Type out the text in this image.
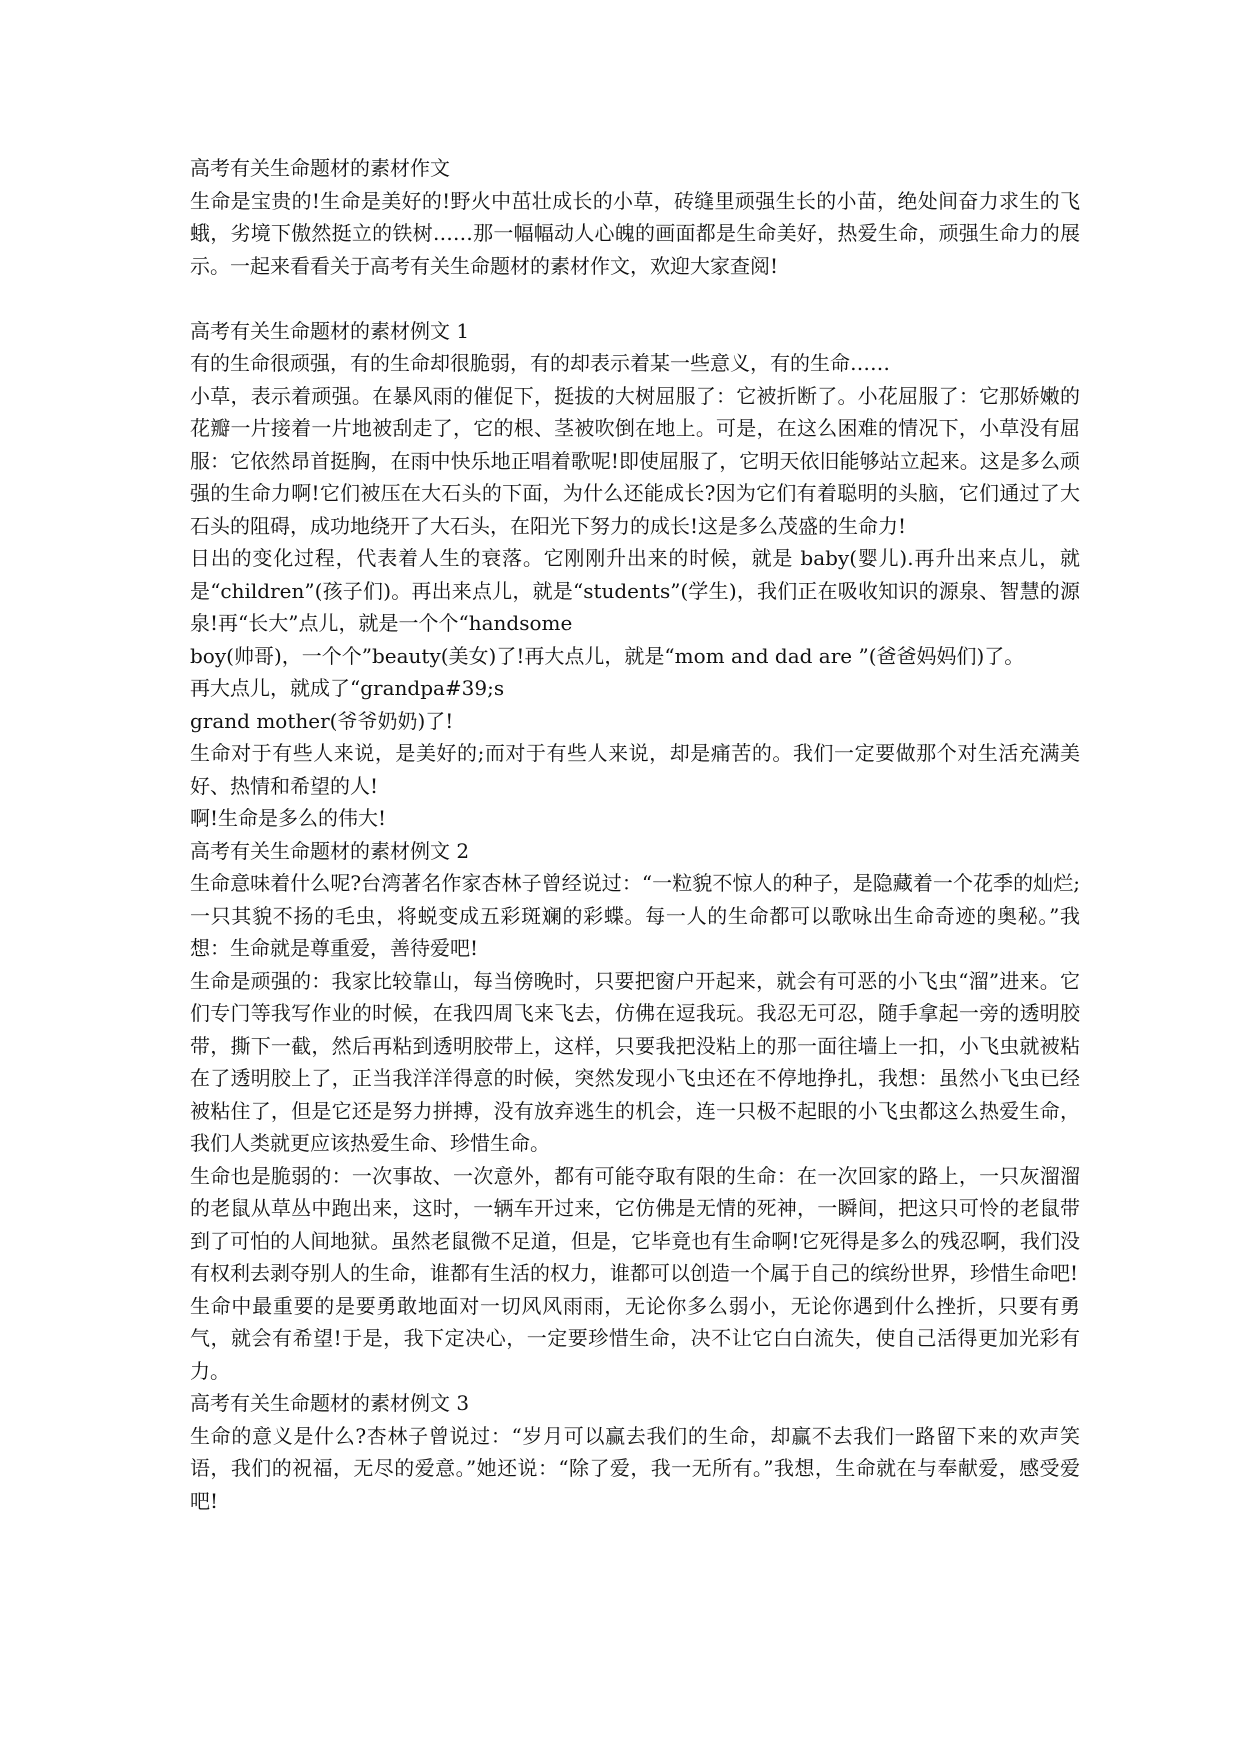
高考有关生命题材的素材作文

生命是宝贵的!生命是美好的!野火中茁壮成长的小草，砖缝里顽强生长的小苗，绝处间奋力求生的飞蛾，劣境下傲然挺立的铁树……那一幅幅动人心魄的画面都是生命美好，热爱生命，顽强生命力的展示。一起来看看关于高考有关生命题材的素材作文，欢迎大家查阅!

高考有关生命题材的素材例文 1

有的生命很顽强，有的生命却很脆弱，有的却表示着某一些意义，有的生命……

小草，表示着顽强。在暴风雨的催促下，挺拔的大树屈服了：它被折断了。小花屈服了：它那娇嫩的花瓣一片接着一片地被刮走了，它的根、茎被吹倒在地上。可是，在这么困难的情况下，小草没有屈服：它依然昂首挺胸，在雨中快乐地正唱着歌呢!即使屈服了，它明天依旧能够站立起来。这是多么顽强的生命力啊!它们被压在大石头的下面，为什么还能成长?因为它们有着聪明的头脑，它们通过了大石头的阻碍，成功地绕开了大石头，在阳光下努力的成长!这是多么茂盛的生命力!

日出的变化过程，代表着人生的衰落。它刚刚升出来的时候，就是 baby(婴儿).再升出来点儿，就是“children”(孩子们)。再出来点儿，就是“students”(学生)，我们正在吸收知识的源泉、智慧的源泉!再“长大”点儿，就是一个个“handsome

boy(帅哥)，一个个”beauty(美女)了!再大点儿，就是“mom and dad are ”(爸爸妈妈们)了。

再大点儿，就成了“grandpa#39;s

grand mother(爷爷奶奶)了!

生命对于有些人来说，是美好的;而对于有些人来说，却是痛苦的。我们一定要做那个对生活充满美好、热情和希望的人!

啊!生命是多么的伟大!

高考有关生命题材的素材例文 2

生命意味着什么呢?台湾著名作家杏林子曾经说过：“一粒貌不惊人的种子，是隐藏着一个花季的灿烂;一只其貌不扬的毛虫，将蜕变成五彩斑斓的彩蝶。每一人的生命都可以歌咏出生命奇迹的奥秘。”我想：生命就是尊重爱，善待爱吧!

生命是顽强的：我家比较靠山，每当傍晚时，只要把窗户开起来，就会有可恶的小飞虫“溜”进来。它们专门等我写作业的时候，在我四周飞来飞去，仿佛在逗我玩。我忍无可忍，随手拿起一旁的透明胶带，撕下一截，然后再粘到透明胶带上，这样，只要我把没粘上的那一面往墙上一扣，小飞虫就被粘在了透明胶上了，正当我洋洋得意的时候，突然发现小飞虫还在不停地挣扎，我想：虽然小飞虫已经被粘住了，但是它还是努力拼搏，没有放弃逃生的机会，连一只极不起眼的小飞虫都这么热爱生命，我们人类就更应该热爱生命、珍惜生命。

生命也是脆弱的：一次事故、一次意外，都有可能夺取有限的生命：在一次回家的路上，一只灰溜溜的老鼠从草丛中跑出来，这时，一辆车开过来，它仿佛是无情的死神，一瞬间，把这只可怜的老鼠带到了可怕的人间地狱。虽然老鼠微不足道，但是，它毕竟也有生命啊!它死得是多么的残忍啊，我们没有权利去剥夺别人的生命，谁都有生活的权力，谁都可以创造一个属于自己的缤纷世界，珍惜生命吧!

生命中最重要的是要勇敢地面对一切风风雨雨，无论你多么弱小，无论你遇到什么挫折，只要有勇气，就会有希望!于是，我下定决心，一定要珍惜生命，决不让它白白流失，使自己活得更加光彩有力。

高考有关生命题材的素材例文 3

生命的意义是什么?杏林子曾说过：“岁月可以赢去我们的生命，却赢不去我们一路留下来的欢声笑语，我们的祝福，无尽的爱意。”她还说：“除了爱，我一无所有。”我想，生命就在与奉献爱，感受爱吧!
